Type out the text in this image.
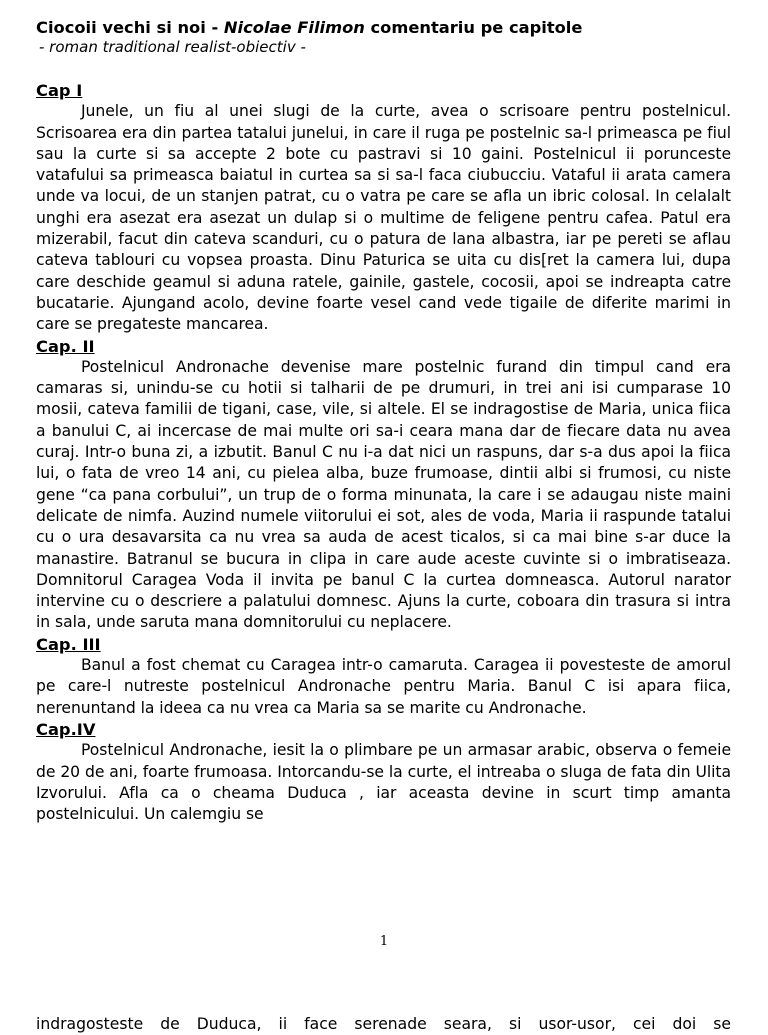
Ciocoii vechi si noi - Nicolae Filimon comentariu pe capitole

- roman traditional realist-obiectiv -

Cap I

Junele, un fiu al unei slugi de la curte, avea o scrisoare pentru postelnicul. Scrisoarea era din partea tatalui junelui, in care il ruga pe postelnic sa-l primeasca pe fiul sau la curte si sa accepte 2 bote cu pastravi si 10 gaini. Postelnicul ii porunceste vatafului sa primeasca baiatul in curtea sa si sa-l faca ciubucciu. Vataful ii arata camera unde va locui, de un stanjen patrat, cu o vatra pe care se afla un ibric colosal. In celalalt unghi era asezat era asezat un dulap si o multime de feligene pentru cafea. Patul era mizerabil, facut din cateva scanduri, cu o patura de lana albastra, iar pe pereti se aflau cateva tablouri cu vopsea proasta. Dinu Paturica se uita cu dis[ret la camera lui, dupa care deschide geamul si aduna ratele, gainile, gastele, cocosii, apoi se indreapta catre bucatarie. Ajungand acolo, devine foarte vesel cand vede tigaile de diferite marimi in care se pregateste mancarea.

Cap. II

Postelnicul Andronache devenise mare postelnic furand din timpul cand era camaras si, unindu-se cu hotii si talharii de pe drumuri, in trei ani isi cumparase 10 mosii, cateva familii de tigani, case, vile, si altele. El se indragostise de Maria, unica fiica a banului C, ai incercase de mai multe ori sa-i ceara mana dar de fiecare data nu avea curaj. Intr-o buna zi, a izbutit. Banul C nu i-a dat nici un raspuns, dar s-a dus apoi la fiica lui, o fata de vreo 14 ani, cu pielea alba, buze frumoase, dintii albi si frumosi, cu niste gene “ca pana corbului”, un trup de o forma minunata, la care i se adaugau niste maini delicate de nimfa. Auzind numele viitorului ei sot, ales de voda, Maria ii raspunde tatalui cu o ura desavarsita ca nu vrea sa auda de acest ticalos, si ca mai bine s-ar duce la manastire. Batranul se bucura in clipa in care aude aceste cuvinte si o imbratiseaza. Domnitorul Caragea Voda il invita pe banul C la curtea domneasca. Autorul narator intervine cu o descriere a palatului domnesc. Ajuns la curte, coboara din trasura si intra in sala, unde saruta mana domnitorului cu neplacere.

Cap. III

Banul a fost chemat cu Caragea intr-o camaruta. Caragea ii povesteste de amorul pe care-l nutreste postelnicul Andronache pentru Maria. Banul C isi apara fiica, nerenuntand la ideea ca nu vrea ca Maria sa se marite cu Andronache.

Cap.IV

Postelnicul Andronache, iesit la o plimbare pe un armasar arabic, observa o femeie de 20 de ani, foarte frumoasa. Intorcandu-se la curte, el intreaba o sluga de fata din Ulita Izvorului. Afla ca o cheama Duduca , iar aceasta devine in scurt timp amanta postelnicului. Un calemgiu se

1
indragosteste de Duduca, ii face serenade seara, si usor-usor, cei doi se
